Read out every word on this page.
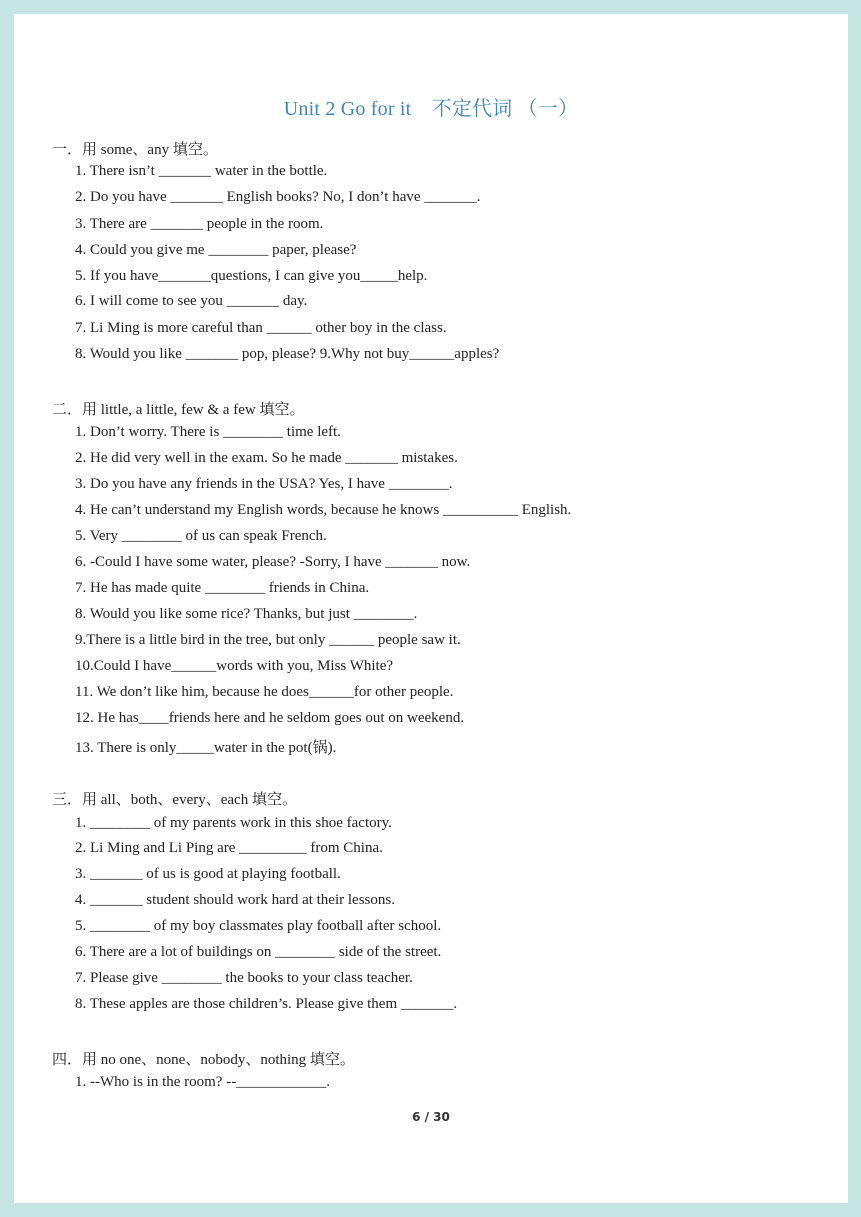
Unit 2 Go for it　不定代词 （一）
一．用 some、any 填空。
1. There isn’t _______ water in the bottle.
2. Do you have _______ English books? No, I don’t have _______.
3. There are _______ people in the room.
4. Could you give me ________ paper, please?
5. If you have_______questions, I can give you_____help.
6. I will come to see you _______ day.
7. Li Ming is more careful than ______ other boy in the class.
8. Would you like _______ pop, please? 9.Why not buy______apples?
二．用 little, a little, few & a few 填空。
1. Don’t worry. There is ________ time left.
2. He did very well in the exam. So he made _______ mistakes.
3. Do you have any friends in the USA? Yes, I have ________.
4. He can’t understand my English words, because he knows __________ English.
5. Very ________ of us can speak French.
6. -Could I have some water, please? -Sorry, I have _______ now.
7. He has made quite ________ friends in China.
8. Would you like some rice? Thanks, but just ________.
9.There is a little bird in the tree, but only ______ people saw it.
10.Could I have______words with you, Miss White?
11. We don’t like him, because he does______for other people.
12. He has____friends here and he seldom goes out on weekend.
13. There is only_____water in the pot(锅).
三．用 all、both、every、each 填空。
1. ________ of my parents work in this shoe factory.
2. Li Ming and Li Ping are _________ from China.
3. _______ of us is good at playing football.
4. _______ student should work hard at their lessons.
5. ________ of my boy classmates play football after school.
6. There are a lot of buildings on ________ side of the street.
7. Please give ________ the books to your class teacher.
8. These apples are those children’s. Please give them _______.
四．用 no one、none、nobody、nothing 填空。
1. --Who is in the room? --____________.
6 / 30
